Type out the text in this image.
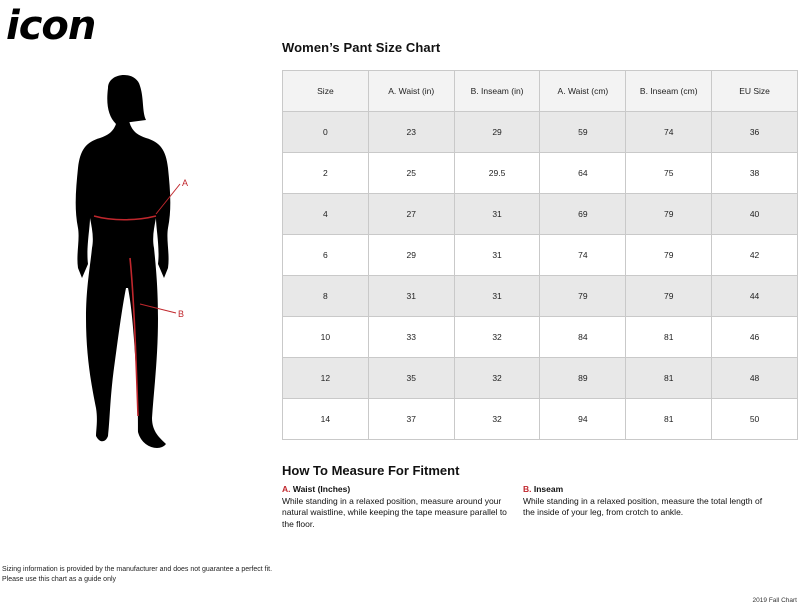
icon
A
B
Women’s Pant Size Chart
Size	A. Waist (in)	B. Inseam (in)	A. Waist (cm)	B. Inseam (cm)	EU Size
0	23	29	59	74	36
2	25	29.5	64	75	38
4	27	31	69	79	40
6	29	31	74	79	42
8	31	31	79	79	44
10	33	32	84	81	46
12	35	32	89	81	48
14	37	32	94	81	50
How To Measure For Fitment
A. Waist (Inches)
While standing in a relaxed position, measure around your natural waistline, while keeping the tape measure parallel to the floor.
B. Inseam
While standing in a relaxed position, measure the total length of the inside of your leg, from crotch to ankle.
Sizing information is provided by the manufacturer and does not guarantee a perfect fit.
Please use this chart as a guide only
2019 Fall Chart
